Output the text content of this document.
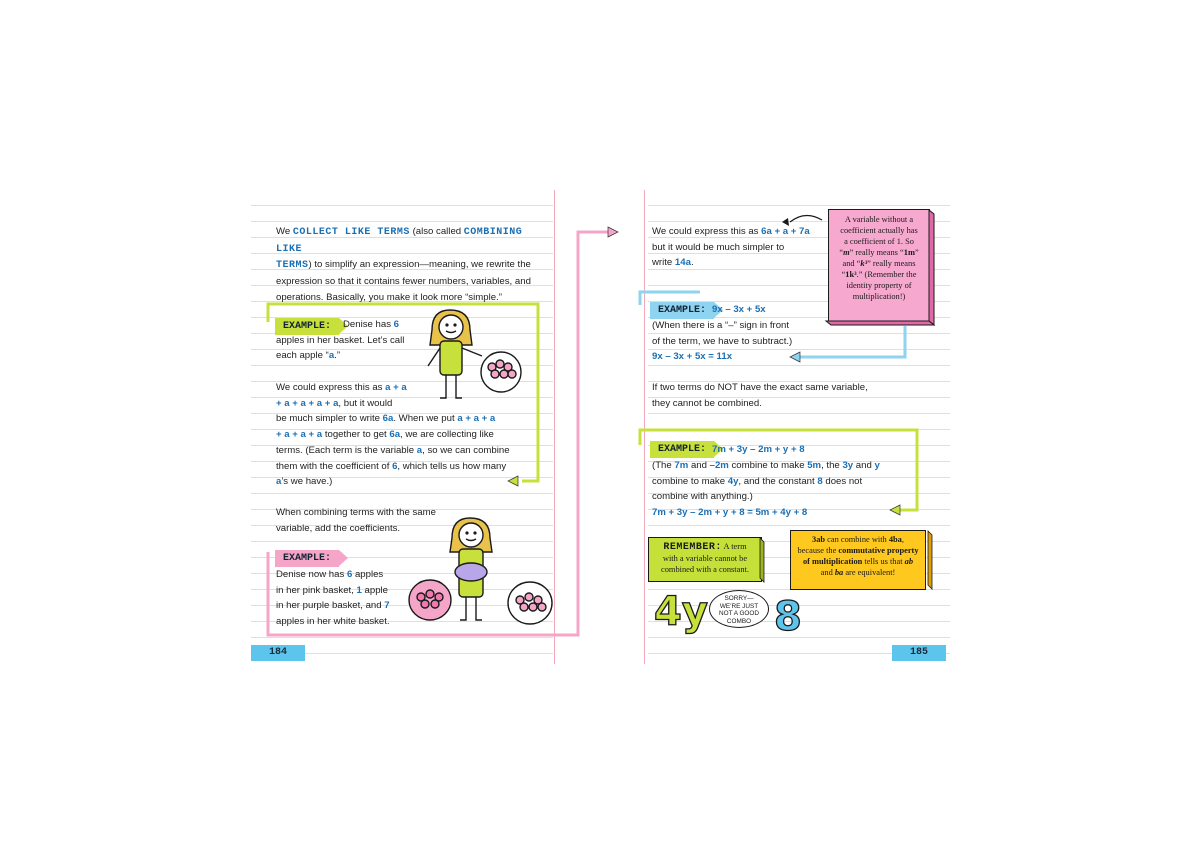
We COLLECT LIKE TERMS (also called COMBINING LIKE
TERMS) to simplify an expression—meaning, we rewrite the
expression so that it contains fewer numbers, variables, and
operations. Basically, you make it look more “simple.”
EXAMPLE:	Denise has 6
apples in her basket. Let’s call
each apple “a.”
We could express this as a + a
+ a + a + a + a, but it would
be much simpler to write 6a. When we put a + a + a
+ a + a + a together to get 6a, we are collecting like
terms. (Each term is the variable a, so we can combine
them with the coefficient of 6, which tells us how many
a’s we have.)
When combining terms with the same
variable, add the coefficients.
EXAMPLE:
Denise now has 6 apples
in her pink basket, 1 apple
in her purple basket, and 7
apples in her white basket.
184
We could express this as 6a + a + 7a
but it would be much simpler to
write 14a.
A variable without a
coefficient actually has
a coefficient of 1. So
“m” really means “1m”
and “k³” really means
“1k³.” (Remember the
identity property of
multiplication!)
EXAMPLE: 9x – 3x + 5x
(When there is a “–” sign in front
of the term, we have to subtract.)
9x – 3x + 5x = 11x
If two terms do NOT have the exact same variable,
they cannot be combined.
EXAMPLE: 7m + 3y – 2m + y + 8
(The 7m and –2m combine to make 5m, the 3y and y
combine to make 4y, and the constant 8 does not
combine with anything.)
7m + 3y – 2m + y + 8 = 5m + 4y + 8
REMEMBER: A term
with a variable cannot be
combined with a constant.
3ab can combine with 4ba,
because the commutative property
of multiplication tells us that ab
and ba are equivalent!
185
4y 8
SORRY—
WE’RE JUST
NOT A GOOD
COMBO
